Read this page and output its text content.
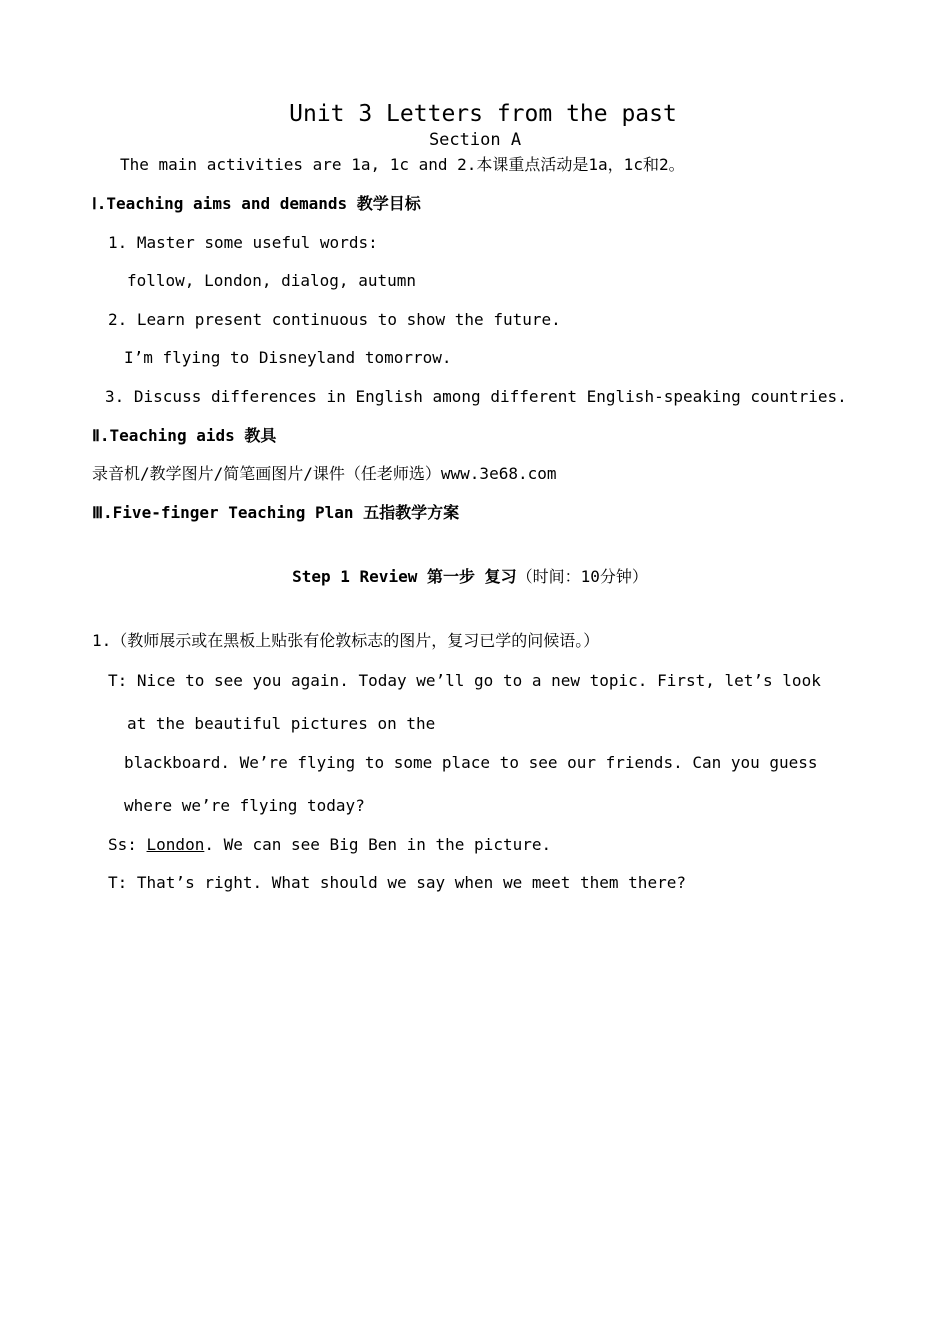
Unit 3 Letters from the past
Section A
The main activities are 1a, 1c and 2.本课重点活动是1a，1c和2。
Ⅰ.Teaching aims and demands 教学目标
1. Master some useful words:
follow, London, dialog, autumn
2. Learn present continuous to show the future.
I’m flying to Disneyland tomorrow.
3. Discuss differences in English among different English-speaking countries.
Ⅱ.Teaching aids 教具
录音机/教学图片/简笔画图片/课件（任老师选）www.3e68.com
Ⅲ.Five-finger Teaching Plan 五指教学方案
Step 1 Review 第一步 复习（时间：10分钟）
1.（教师展示或在黑板上贴张有伦敦标志的图片，复习已学的问候语。）
T: Nice to see you again. Today we’ll go to a new topic. First, let’s look
at the beautiful pictures on the
blackboard. We’re flying to some place to see our friends. Can you guess
where we’re flying today?
Ss: London. We can see Big Ben in the picture.
T: That’s right. What should we say when we meet them there?
